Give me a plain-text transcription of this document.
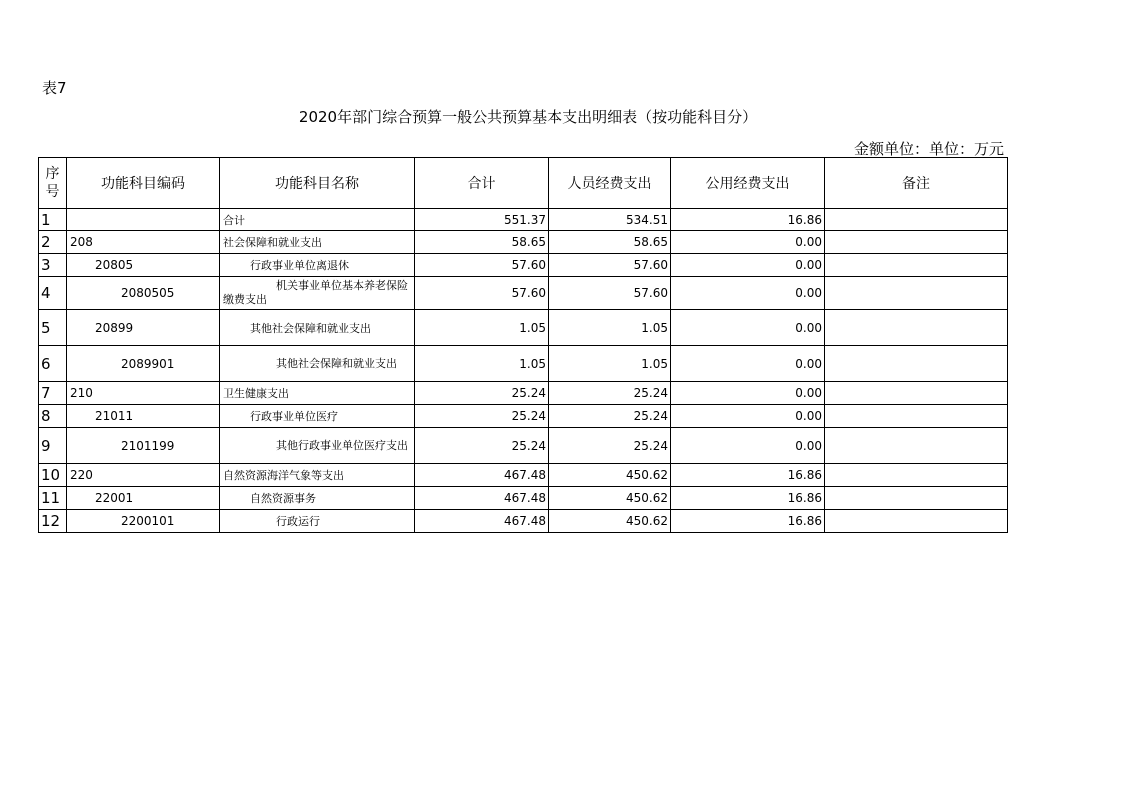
表7
2020年部门综合预算一般公共预算基本支出明细表（按功能科目分）
金额单位：单位：万元
序号	功能科目编码	功能科目名称	合计	人员经费支出	公用经费支出	备注
1		合计	551.37	534.51	16.86	
2	208	社会保障和就业支出	58.65	58.65	0.00	
3	20805	行政事业单位离退休	57.60	57.60	0.00	
4	2080505	机关事业单位基本养老保险缴费支出	57.60	57.60	0.00	
5	20899	其他社会保障和就业支出	1.05	1.05	0.00	
6	2089901	其他社会保障和就业支出	1.05	1.05	0.00	
7	210	卫生健康支出	25.24	25.24	0.00	
8	21011	行政事业单位医疗	25.24	25.24	0.00	
9	2101199	其他行政事业单位医疗支出	25.24	25.24	0.00	
10	220	自然资源海洋气象等支出	467.48	450.62	16.86	
11	22001	自然资源事务	467.48	450.62	16.86	
12	2200101	行政运行	467.48	450.62	16.86	
